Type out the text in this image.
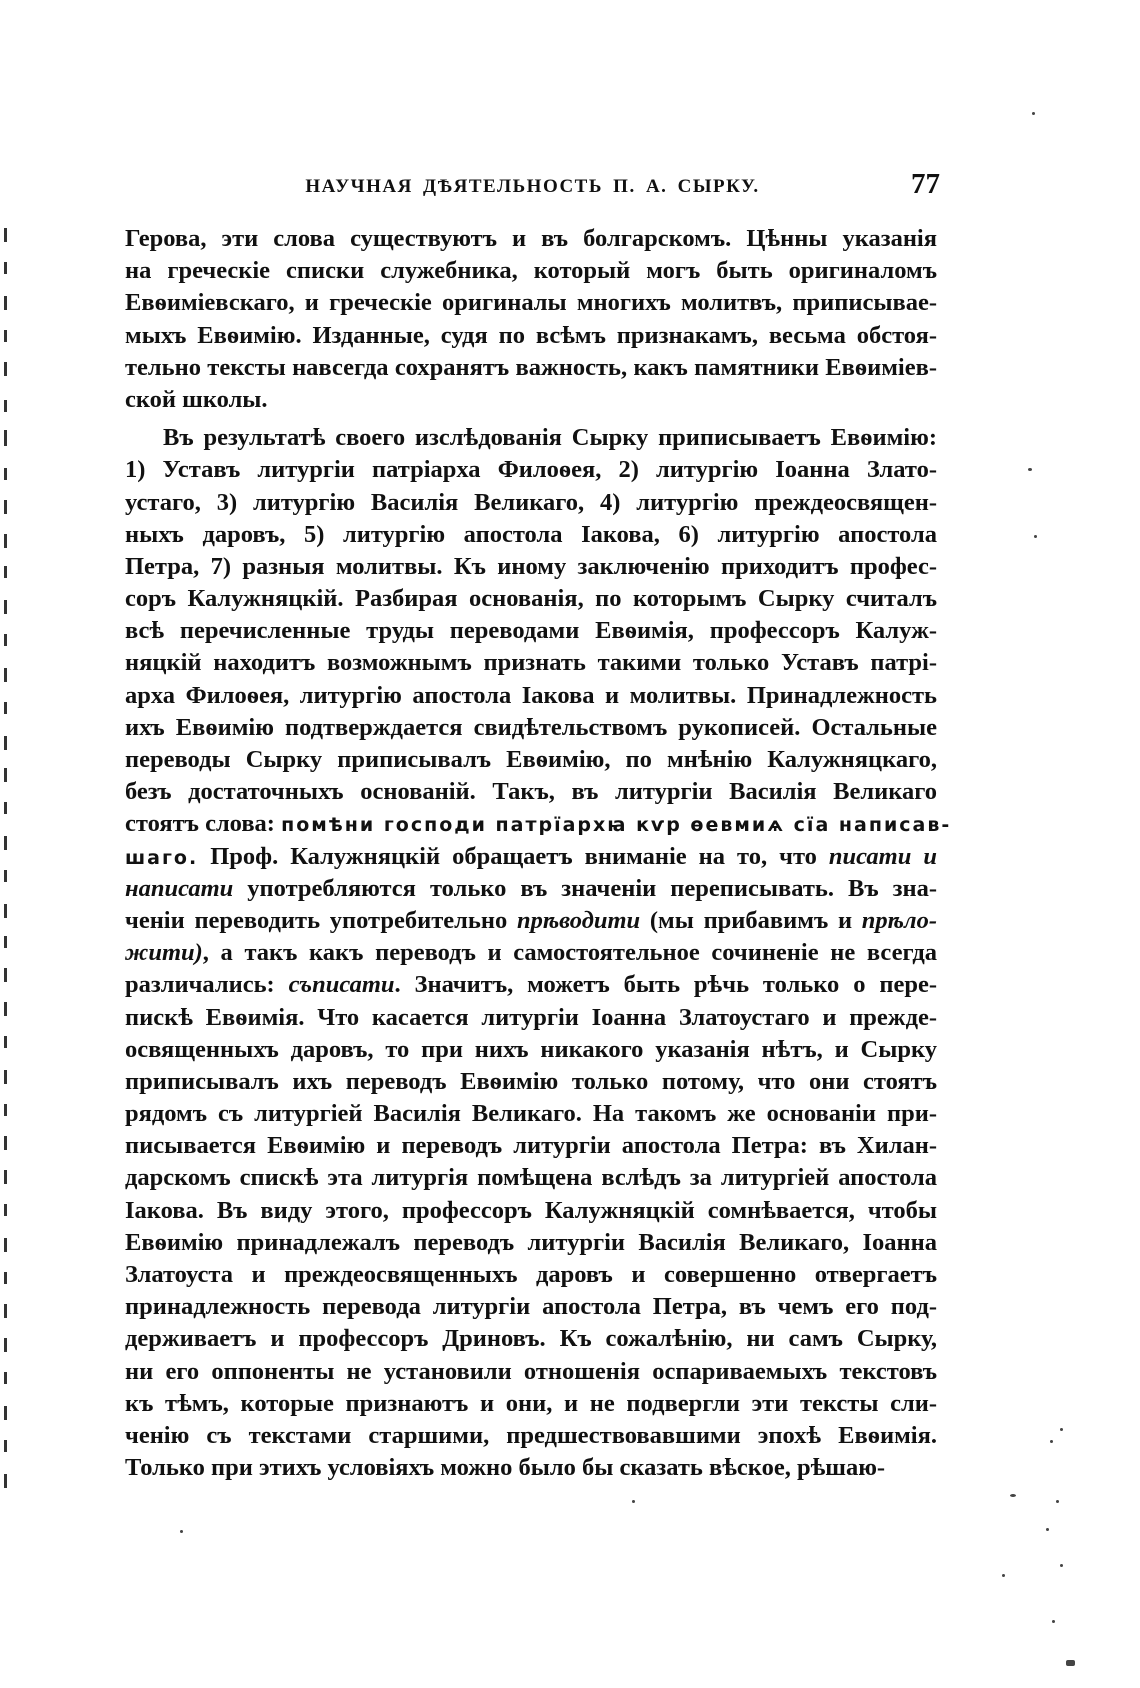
НАУЧНАЯ ДѢЯТЕЛЬНОСТЬ П. А. СЫРКУ.	77
Герова, эти слова существуютъ и въ болгарскомъ. Цѣнны указанія
на греческіе списки служебника, который могъ быть оригиналомъ
Евѳиміевскаго, и греческіе оригиналы многихъ молитвъ, приписывае-
мыхъ Евѳимію. Изданные, судя по всѣмъ признакамъ, весьма обстоя-
тельно тексты навсегда сохранятъ важность, какъ памятники Евѳиміев-
ской школы.
Въ результатѣ своего изслѣдованія Сырку приписываетъ Евѳимію:
1) Уставъ литургіи патріарха Филоѳея, 2) литургію Іоанна Злато-
устаго, 3) литургію Василія Великаго, 4) литургію преждеосвящен-
ныхъ даровъ, 5) литургію апостола Іакова, 6) литургію апостола
Петра, 7) разныя молитвы. Къ иному заключенію приходитъ профес-
соръ Калужняцкій. Разбирая основанія, по которымъ Сырку считалъ
всѣ перечисленные труды переводами Евѳимія, профессоръ Калуж-
няцкій находитъ возможнымъ признать такими только Уставъ патрі-
арха Филоѳея, литургію апостола Іакова и молитвы. Принадлежность
ихъ Евѳимію подтверждается свидѣтельствомъ рукописей. Остальные
переводы Сырку приписывалъ Евѳимію, по мнѣнію Калужняцкаго,
безъ достаточныхъ основаній. Такъ, въ литургіи Василія Великаго
стоятъ слова: помѣни господи патрїархꙗ кѵр ѳевмиѧ сїа написав-
шаго. Проф. Калужняцкій обращаетъ вниманіе на то, что писати и
написати употребляются только въ значеніи переписывать. Въ зна-
ченіи переводить употребительно прѣводити (мы прибавимъ и прѣло-
жити), а такъ какъ переводъ и самостоятельное сочиненіе не всегда
различались: съписати. Значитъ, можетъ быть рѣчь только о пере-
пискѣ Евѳимія. Что касается литургіи Іоанна Златоустаго и прежде-
освященныхъ даровъ, то при нихъ никакого указанія нѣтъ, и Сырку
приписывалъ ихъ переводъ Евѳимію только потому, что они стоятъ
рядомъ съ литургіей Василія Великаго. На такомъ же основаніи при-
писывается Евѳимію и переводъ литургіи апостола Петра: въ Хилан-
дарскомъ спискѣ эта литургія помѣщена вслѣдъ за литургіей апостола
Іакова. Въ виду этого, профессоръ Калужняцкій сомнѣвается, чтобы
Евѳимію принадлежалъ переводъ литургіи Василія Великаго, Іоанна
Златоуста и преждеосвященныхъ даровъ и совершенно отвергаетъ
принадлежность перевода литургіи апостола Петра, въ чемъ его под-
держиваетъ и профессоръ Дриновъ. Къ сожалѣнію, ни самъ Сырку,
ни его оппоненты не установили отношенія оспариваемыхъ текстовъ
къ тѣмъ, которые признаютъ и они, и не подвергли эти тексты сли-
ченію съ текстами старшими, предшествовавшими эпохѣ Евѳимія.
Только при этихъ условіяхъ можно было бы сказать вѣское, рѣшаю-
